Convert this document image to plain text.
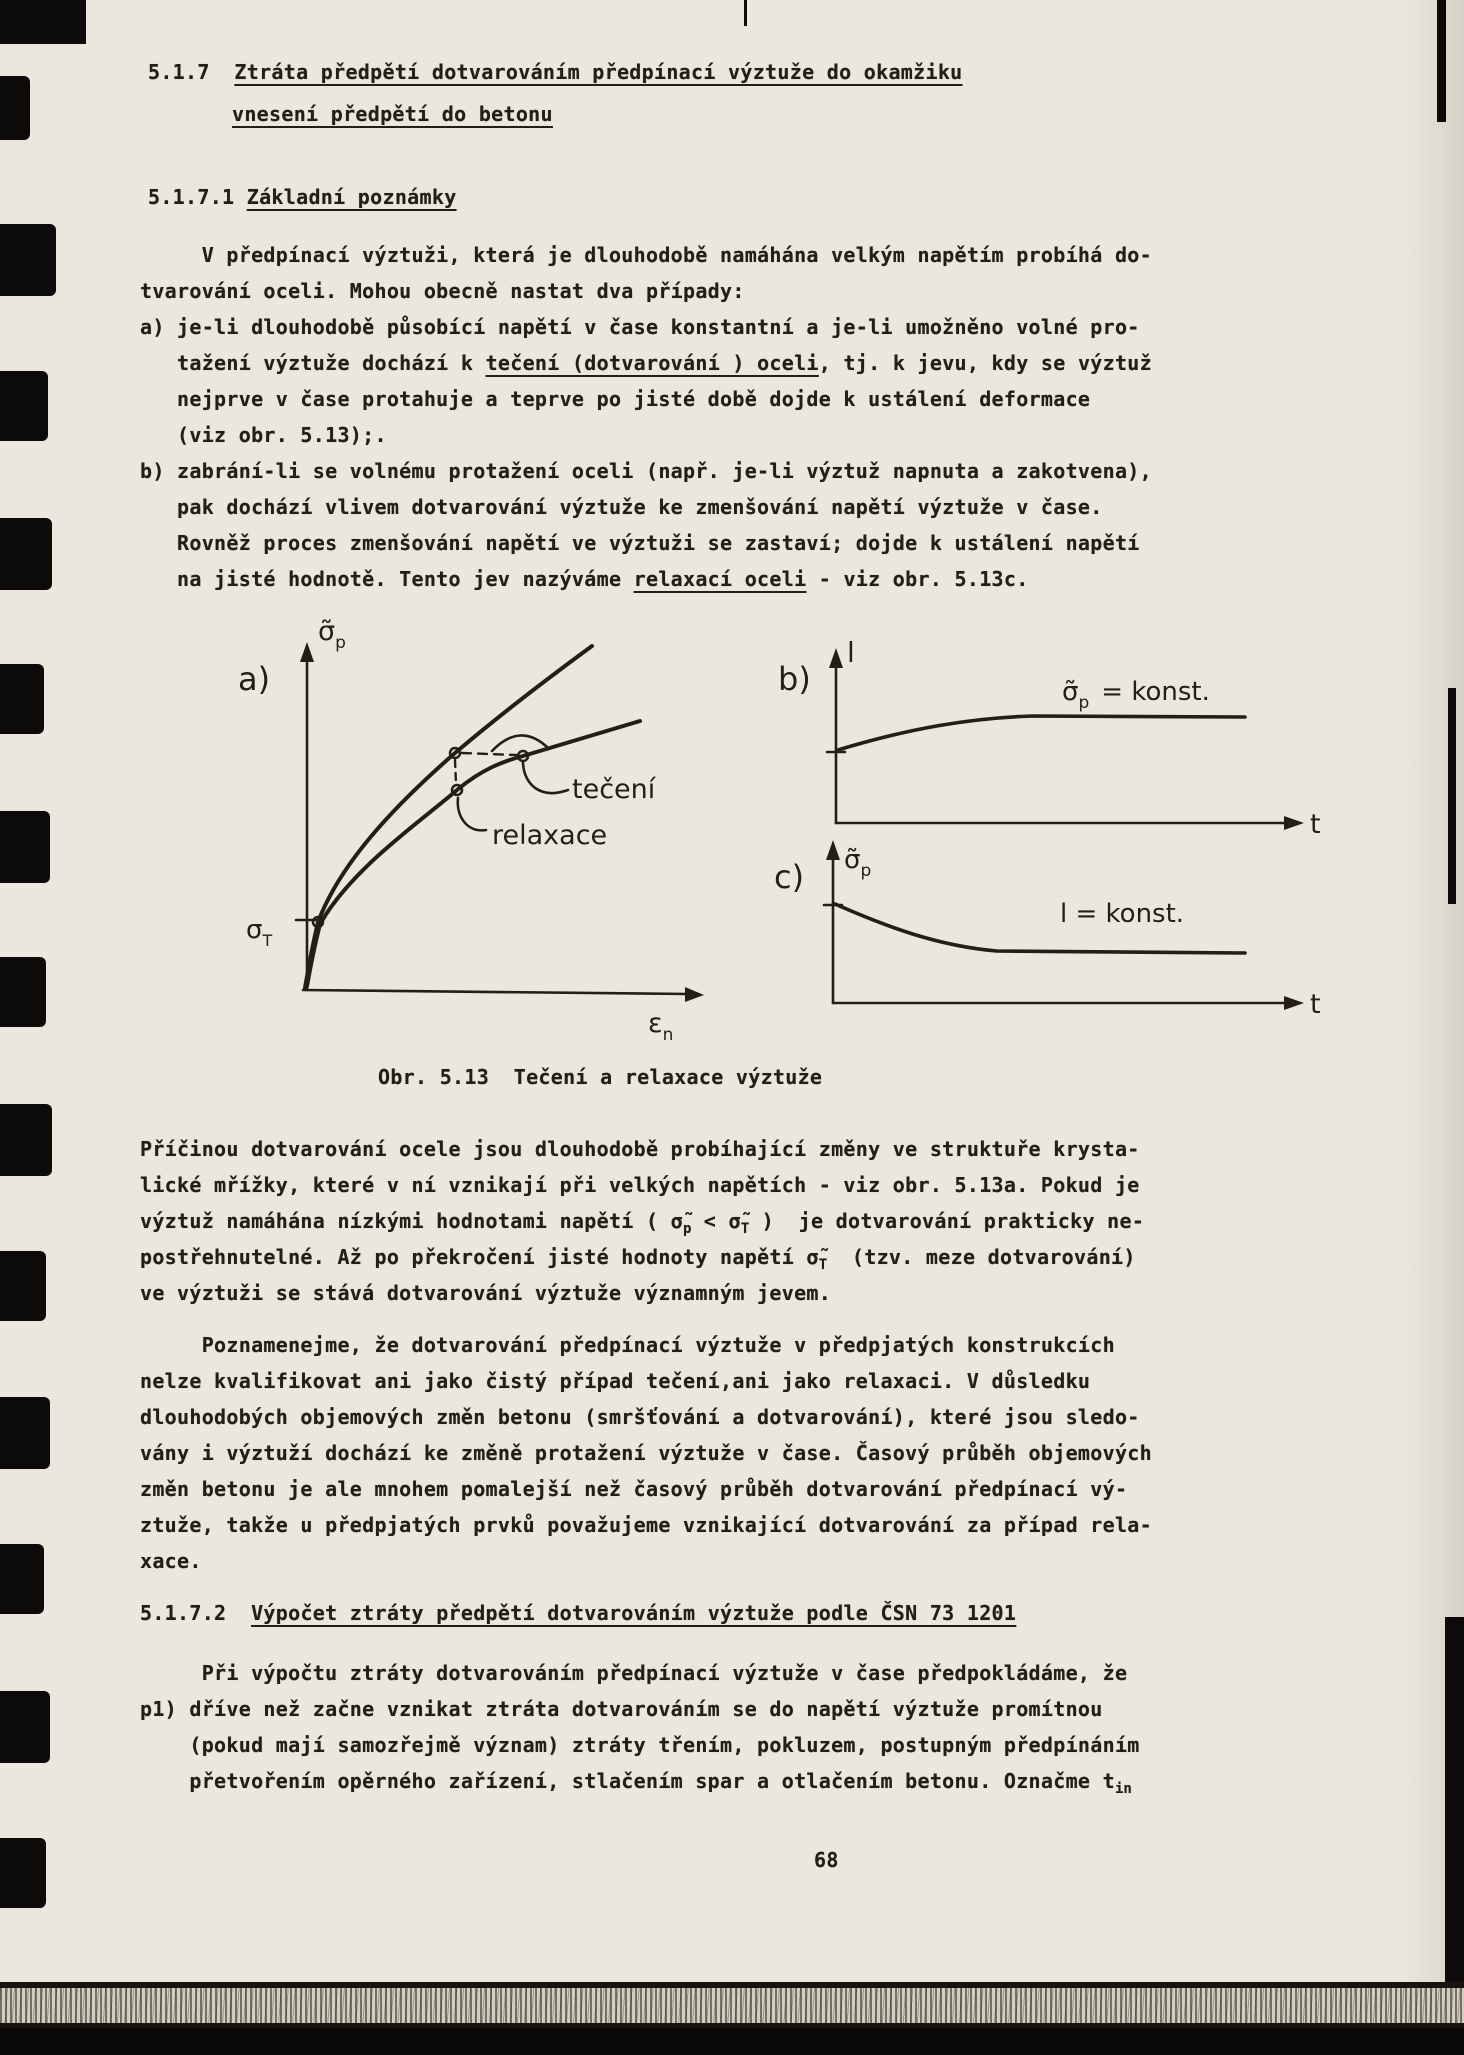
5.1.7  Ztráta předpětí dotvarováním předpínací výztuže do okamžiku
vnesení předpětí do betonu
5.1.7.1 Základní poznámky
V předpínací výztuži, která je dlouhodobě namáhána velkým napětím probíhá do-
tvarování oceli. Mohou obecně nastat dva případy:
a) je-li dlouhodobě působící napětí v čase konstantní a je-li umožněno volné pro-
tažení výztuže dochází k tečení (dotvarování ) oceli, tj. k jevu, kdy se výztuž
nejprve v čase protahuje a teprve po jisté době dojde k ustálení deformace
(viz obr. 5.13);.
b) zabrání-li se volnému protažení oceli (např. je-li výztuž napnuta a zakotvena),
pak dochází vlivem dotvarování výztuže ke zmenšování napětí výztuže v čase.
Rovněž proces zmenšování napětí ve výztuži se zastaví; dojde k ustálení napětí
na jisté hodnotě. Tento jev nazýváme relaxací oceli - viz obr. 5.13c.
a)
$\sigmã_p$
$\varepsilon_n$
$\sigma_T$
tečení
relaxace
b)
l
$\sigmã_p$ = konst.
t
c) $\sigmã_p$
l = konst.
t
Obr. 5.13  Tečení a relaxace výztuže
Příčinou dotvarování ocele jsou dlouhodobě probíhající změny ve struktuře krysta-
lické mřížky, které v ní vznikají při velkých napětích - viz obr. 5.13a. Pokud je
výztuž namáhána nízkými hodnotami napětí ( $\sigmã_p$ < $\sigmã_T$ )  je dotvarování prakticky ne-
postřehnutelné. Až po překročení jisté hodnoty napětí $\sigmã_T$  (tzv. meze dotvarování)
ve výztuži se stává dotvarování výztuže významným jevem.
Poznamenejme, že dotvarování předpínací výztuže v předpjatých konstrukcích
nelze kvalifikovat ani jako čistý případ tečení,ani jako relaxaci. V důsledku
dlouhodobých objemových změn betonu (smršťování a dotvarování), které jsou sledo-
vány i výztuží dochází ke změně protažení výztuže v čase. Časový průběh objemových
změn betonu je ale mnohem pomalejší než časový průběh dotvarování předpínací vý-
ztuže, takže u předpjatých prvků považujeme vznikající dotvarování za případ rela-
xace.
5.1.7.2  Výpočet ztráty předpětí dotvarováním výztuže podle ČSN 73 1201
Při výpočtu ztráty dotvarováním předpínací výztuže v čase předpokládáme, že
p1) dříve než začne vznikat ztráta dotvarováním se do napětí výztuže promítnou
(pokud mají samozřejmě význam) ztráty třením, pokluzem, postupným předpínáním
přetvořením opěrného zařízení, stlačením spar a otlačením betonu. Označme $t_{in}$
68
